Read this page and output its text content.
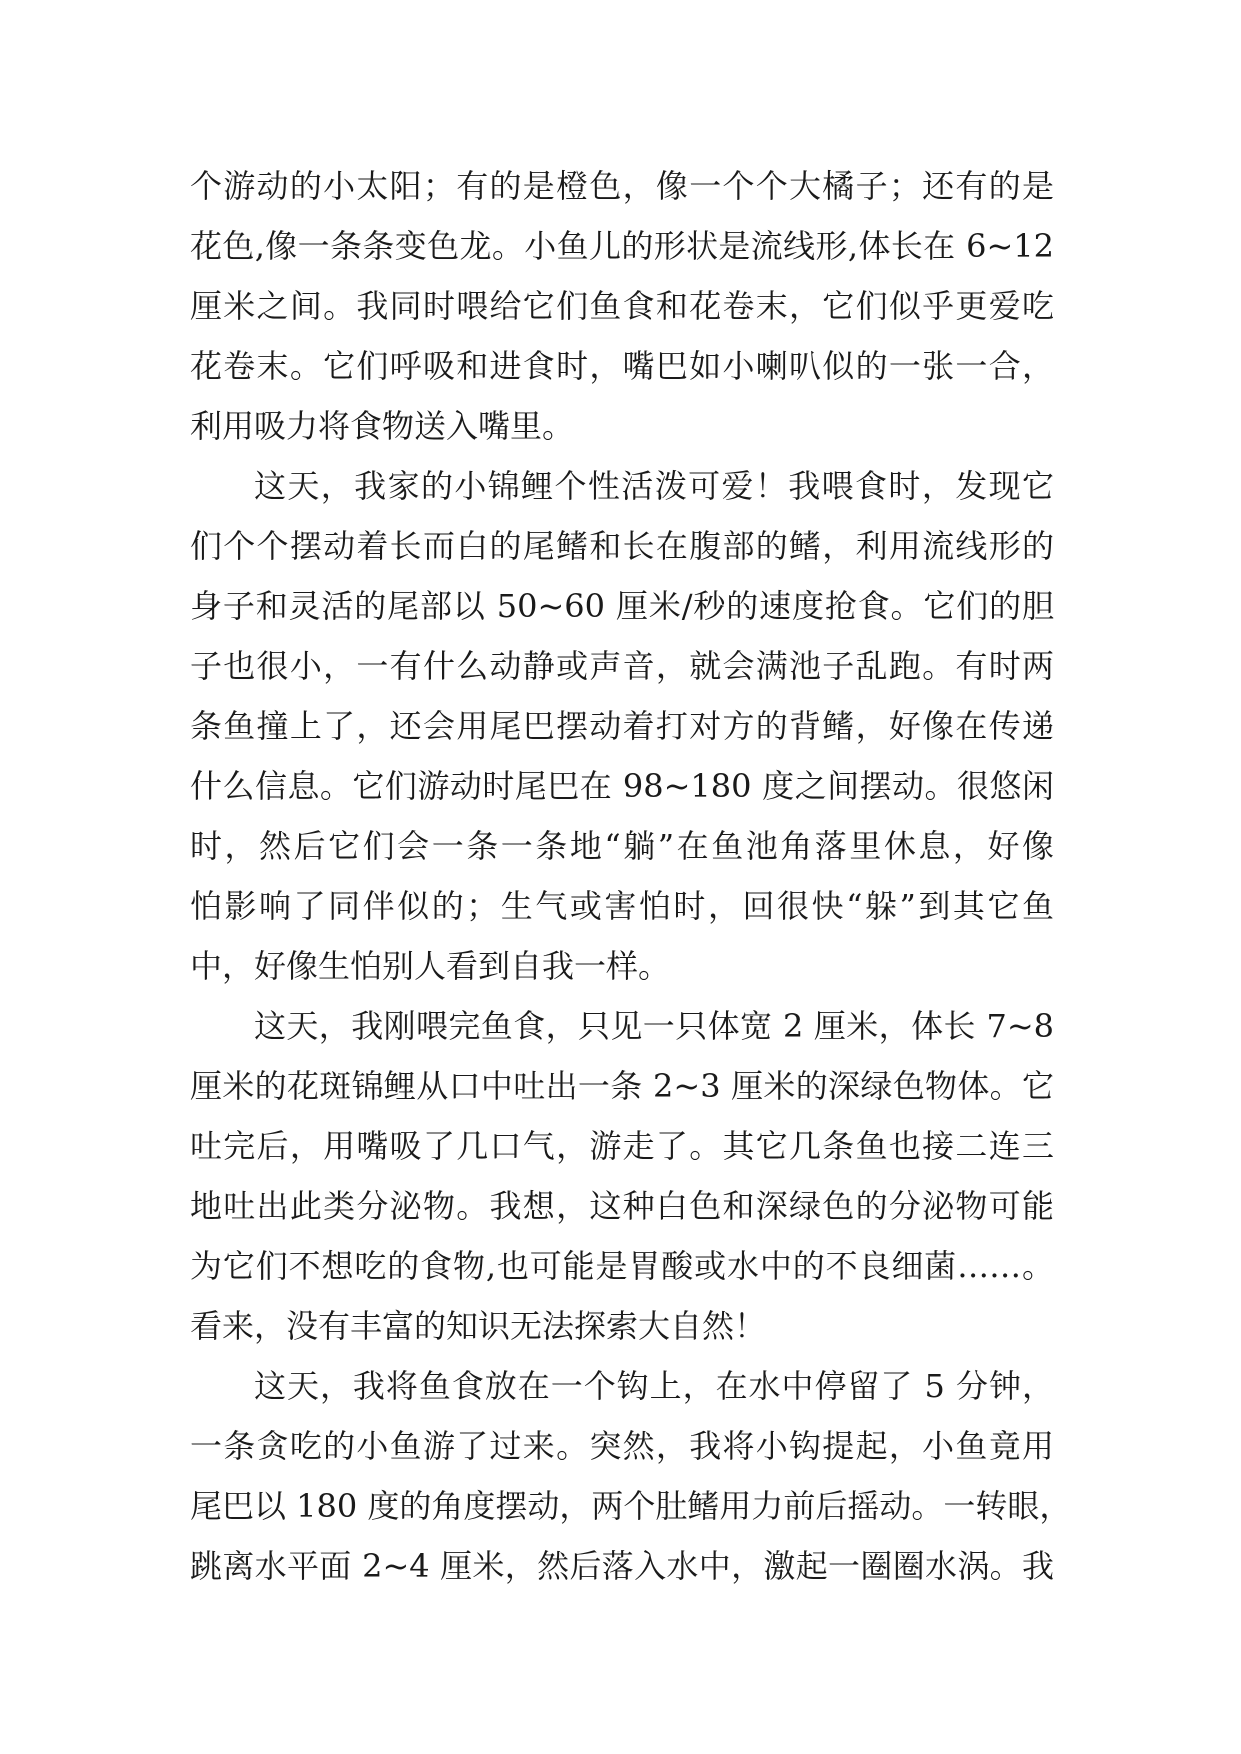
个游动的小太阳；有的是橙色，像一个个大橘子；还有的是
花色,像一条条变色龙。小鱼儿的形状是流线形,体长在 6~12
厘米之间。我同时喂给它们鱼食和花卷末，它们似乎更爱吃
花卷末。它们呼吸和进食时，嘴巴如小喇叭似的一张一合，
利用吸力将食物送入嘴里。
这天，我家的小锦鲤个性活泼可爱！我喂食时，发现它
们个个摆动着长而白的尾鳍和长在腹部的鳍，利用流线形的
身子和灵活的尾部以 50~60 厘米/秒的速度抢食。它们的胆
子也很小，一有什么动静或声音，就会满池子乱跑。有时两
条鱼撞上了，还会用尾巴摆动着打对方的背鳍，好像在传递
什么信息。它们游动时尾巴在 98~180 度之间摆动。很悠闲
时，然后它们会一条一条地“躺”在鱼池角落里休息，好像
怕影响了同伴似的；生气或害怕时，回很快“躲”到其它鱼
中，好像生怕别人看到自我一样。
这天，我刚喂完鱼食，只见一只体宽 2 厘米，体长 7~8
厘米的花斑锦鲤从口中吐出一条 2~3 厘米的深绿色物体。它
吐完后，用嘴吸了几口气，游走了。其它几条鱼也接二连三
地吐出此类分泌物。我想，这种白色和深绿色的分泌物可能
为它们不想吃的食物,也可能是胃酸或水中的不良细菌……。
看来，没有丰富的知识无法探索大自然！
这天，我将鱼食放在一个钩上，在水中停留了 5 分钟，
一条贪吃的小鱼游了过来。突然，我将小钩提起，小鱼竟用
尾巴以 180 度的角度摆动，两个肚鳍用力前后摇动。一转眼，
跳离水平面 2~4 厘米，然后落入水中，激起一圈圈水涡。我
